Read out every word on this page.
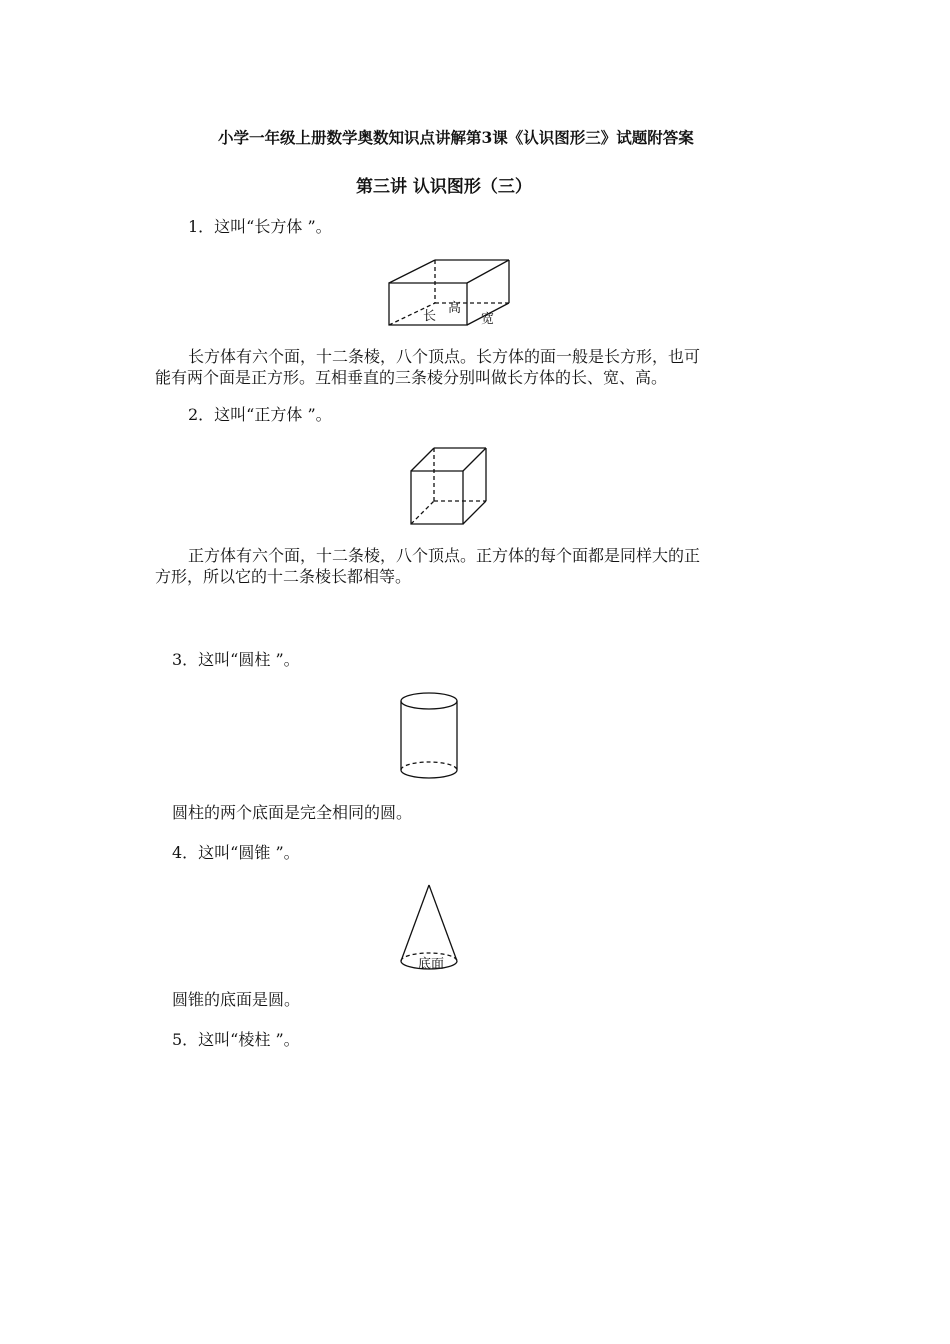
小学一年级上册数学奥数知识点讲解第3课《认识图形三》试题附答案

第三讲 认识图形（三）

1．这叫“长方体 ”。

长
高
宽

长方体有六个面，十二条棱，八个顶点。长方体的面一般是长方形，也可

能有两个面是正方形。互相垂直的三条棱分别叫做长方体的长、宽、高。

2．这叫“正方体 ”。

正方体有六个面，十二条棱，八个顶点。正方体的每个面都是同样大的正

方形，所以它的十二条棱长都相等。

3．这叫“圆柱 ”。

圆柱的两个底面是完全相同的圆。

4．这叫“圆锥 ”。

底面

圆锥的底面是圆。

5．这叫“棱柱 ”。
